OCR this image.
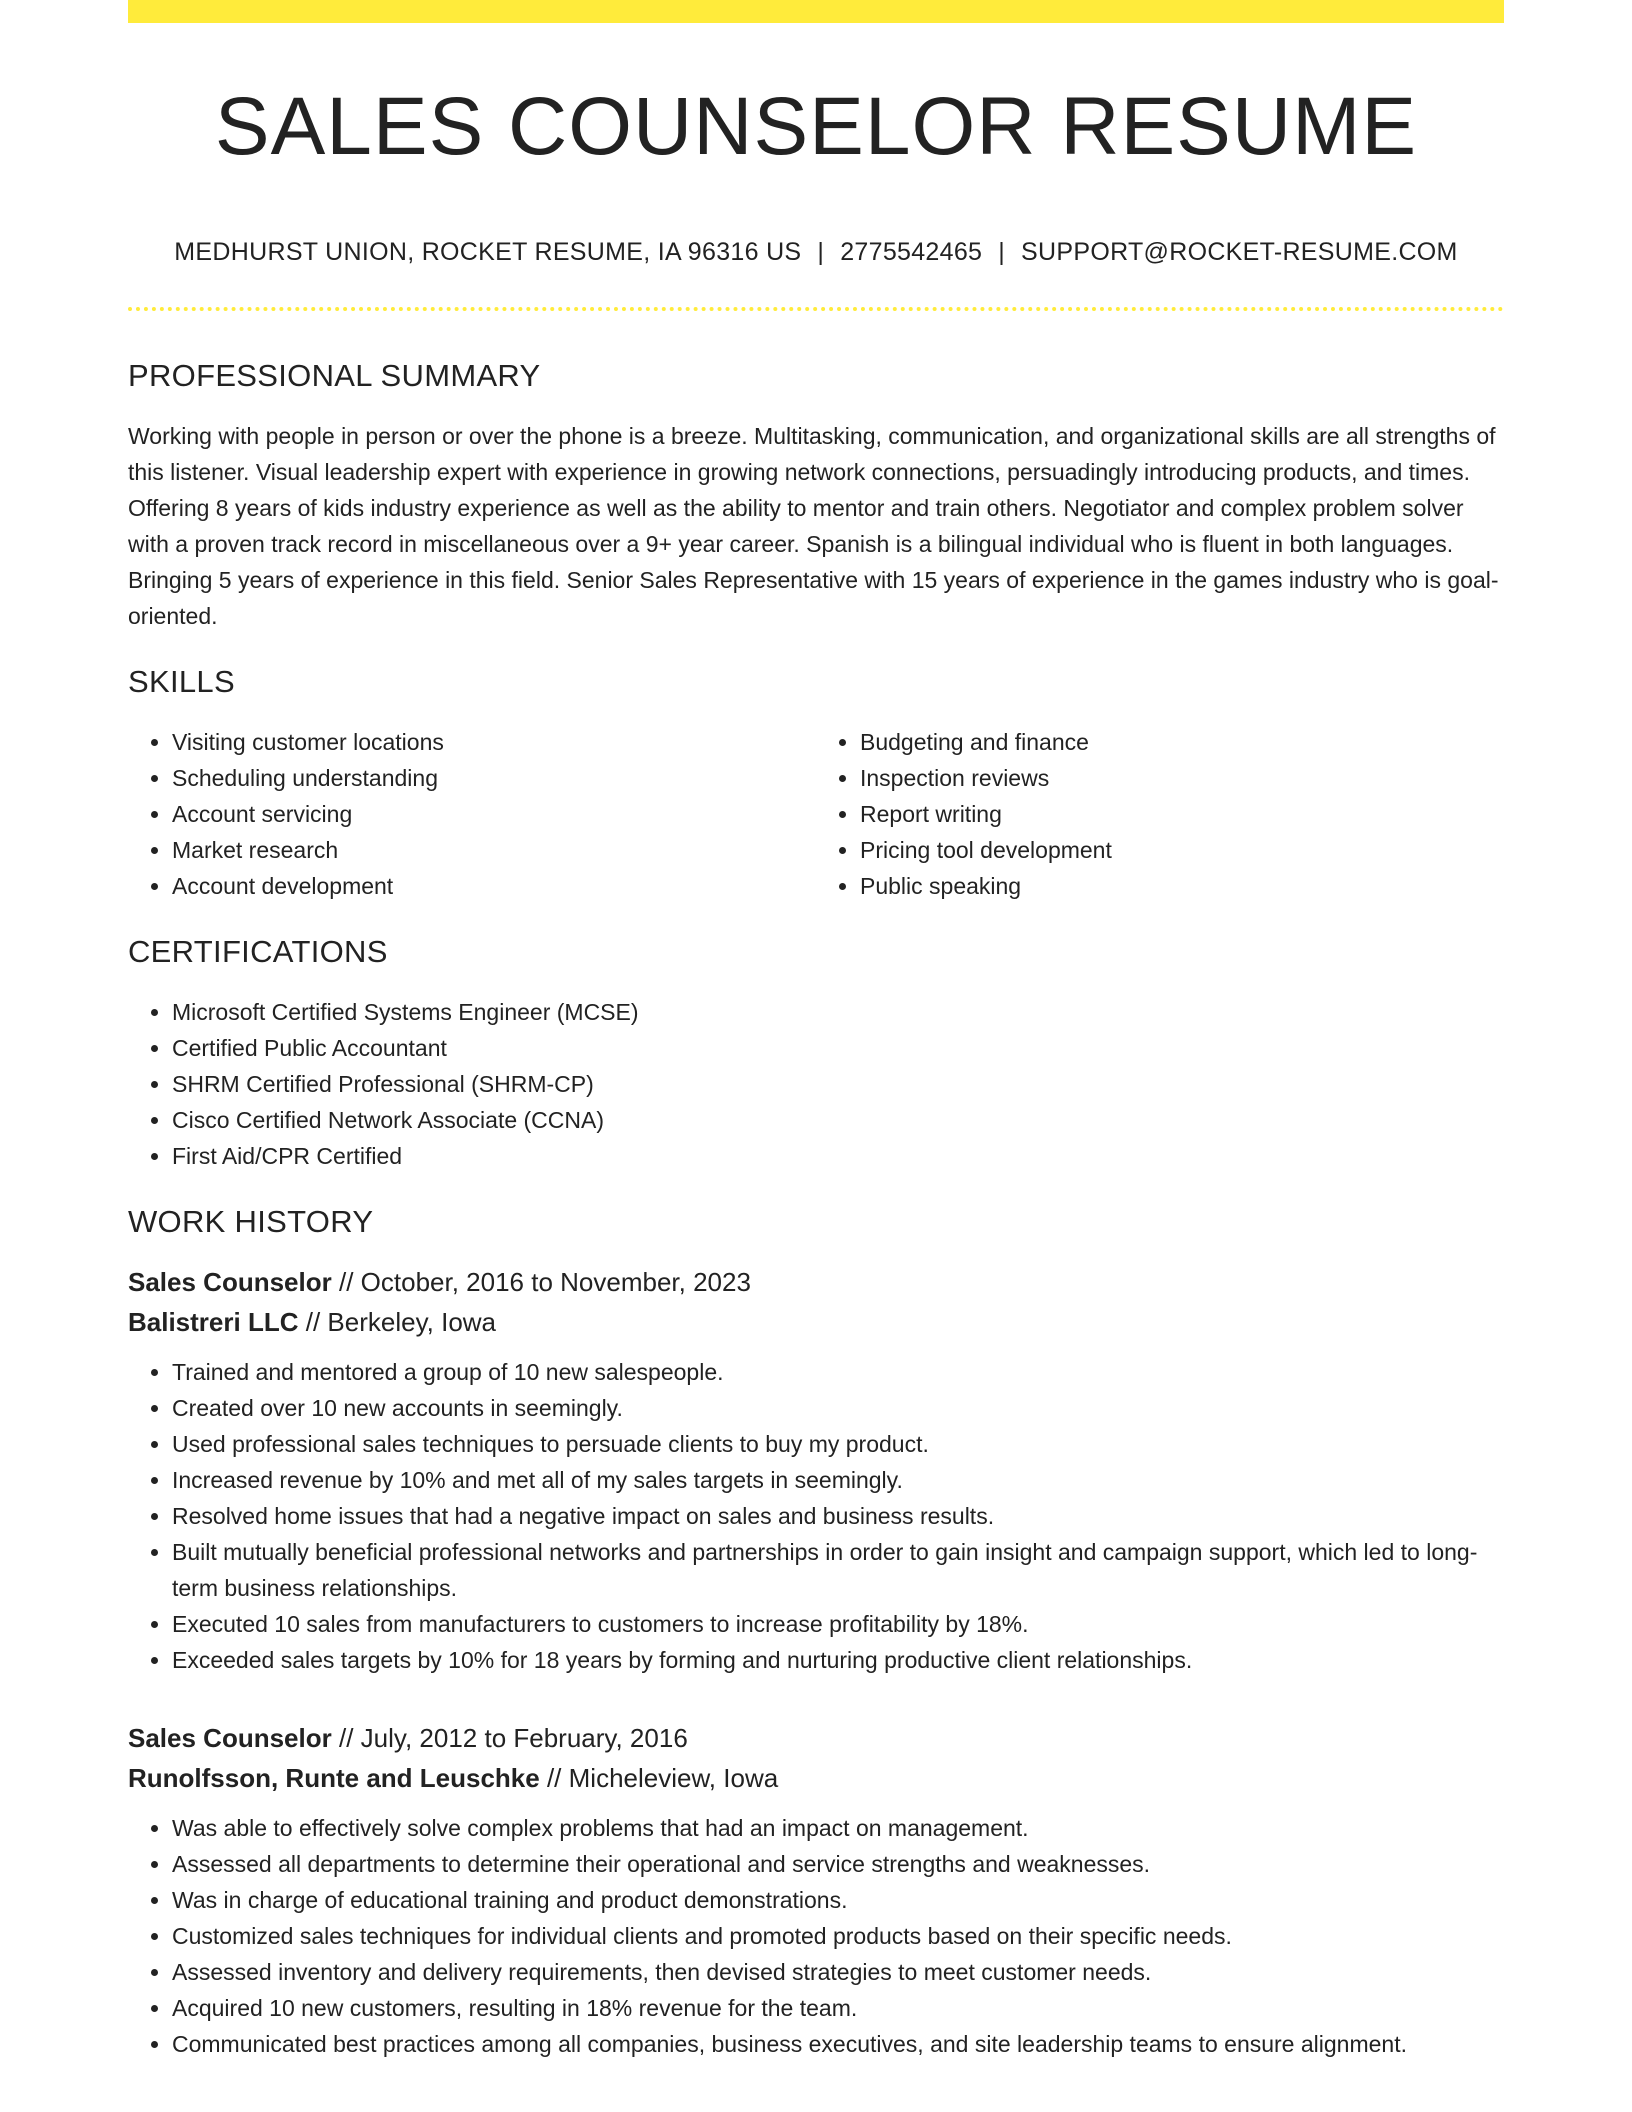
SALES COUNSELOR RESUME
MEDHURST UNION, ROCKET RESUME, IA 96316 US | 2775542465 | SUPPORT@ROCKET-RESUME.COM
PROFESSIONAL SUMMARY

Working with people in person or over the phone is a breeze. Multitasking, communication, and organizational skills are all strengths of this listener. Visual leadership expert with experience in growing network connections, persuadingly introducing products, and times. Offering 8 years of kids industry experience as well as the ability to mentor and train others. Negotiator and complex problem solver with a proven track record in miscellaneous over a 9+ year career. Spanish is a bilingual individual who is fluent in both languages. Bringing 5 years of experience in this field. Senior Sales Representative with 15 years of experience in the games industry who is goal-oriented.

SKILLS
• Visiting customer locations
• Scheduling understanding
• Account servicing
• Market research
• Account development
• Budgeting and finance
• Inspection reviews
• Report writing
• Pricing tool development
• Public speaking
CERTIFICATIONS
• Microsoft Certified Systems Engineer (MCSE)
• Certified Public Accountant
• SHRM Certified Professional (SHRM-CP)
• Cisco Certified Network Associate (CCNA)
• First Aid/CPR Certified
WORK HISTORY
Sales Counselor // October, 2016 to November, 2023
Balistreri LLC // Berkeley, Iowa
• Trained and mentored a group of 10 new salespeople.
• Created over 10 new accounts in seemingly.
• Used professional sales techniques to persuade clients to buy my product.
• Increased revenue by 10% and met all of my sales targets in seemingly.
• Resolved home issues that had a negative impact on sales and business results.
• Built mutually beneficial professional networks and partnerships in order to gain insight and campaign support, which led to long-term business relationships.
• Executed 10 sales from manufacturers to customers to increase profitability by 18%.
• Exceeded sales targets by 10% for 18 years by forming and nurturing productive client relationships.
Sales Counselor // July, 2012 to February, 2016
Runolfsson, Runte and Leuschke // Micheleview, Iowa
• Was able to effectively solve complex problems that had an impact on management.
• Assessed all departments to determine their operational and service strengths and weaknesses.
• Was in charge of educational training and product demonstrations.
• Customized sales techniques for individual clients and promoted products based on their specific needs.
• Assessed inventory and delivery requirements, then devised strategies to meet customer needs.
• Acquired 10 new customers, resulting in 18% revenue for the team.
• Communicated best practices among all companies, business executives, and site leadership teams to ensure alignment.
